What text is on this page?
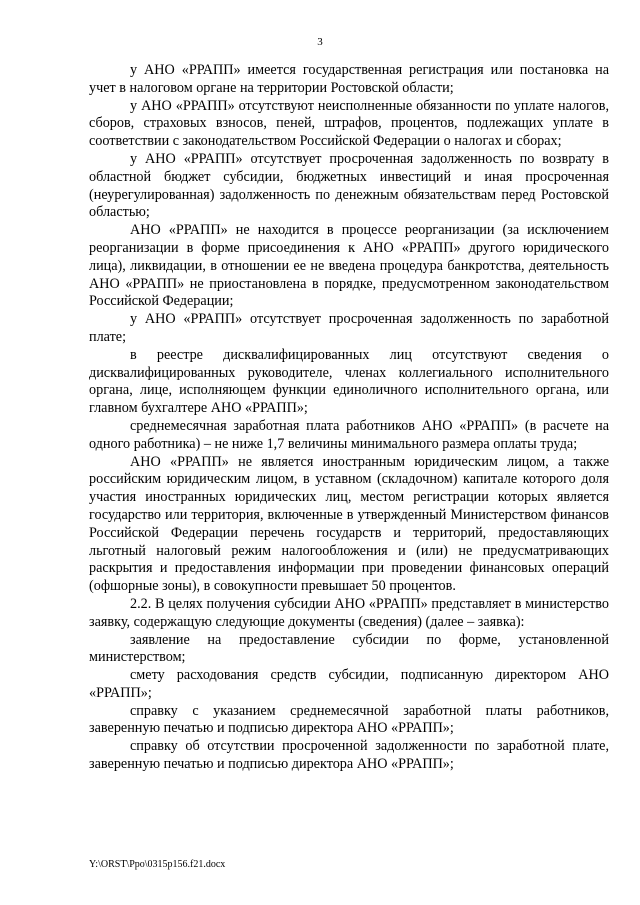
3

у АНО «РРАПП» имеется государственная регистрация или постановка на учет в налоговом органе на территории Ростовской области;

у АНО «РРАПП» отсутствуют неисполненные обязанности по уплате налогов, сборов, страховых взносов, пеней, штрафов, процентов, подлежащих уплате в соответствии с законодательством Российской Федерации о налогах и сборах;

у АНО «РРАПП» отсутствует просроченная задолженность по возврату в областной бюджет субсидии, бюджетных инвестиций и иная просроченная (неурегулированная) задолженность по денежным обязательствам перед Ростовской областью;

АНО «РРАПП» не находится в процессе реорганизации (за исключением реорганизации в форме присоединения к АНО «РРАПП» другого юридического лица), ликвидации, в отношении ее не введена процедура банкротства, деятельность АНО «РРАПП» не приостановлена в порядке, предусмотренном законодательством Российской Федерации;

у АНО «РРАПП» отсутствует просроченная задолженность по заработной плате;

в реестре дисквалифицированных лиц отсутствуют сведения о дисквалифицированных руководителе, членах коллегиального исполнительного органа, лице, исполняющем функции единоличного исполнительного органа, или главном бухгалтере АНО «РРАПП»;

среднемесячная заработная плата работников АНО «РРАПП» (в расчете на одного работника) – не ниже 1,7 величины минимального размера оплаты труда;

АНО «РРАПП» не является иностранным юридическим лицом, а также российским юридическим лицом, в уставном (складочном) капитале которого доля участия иностранных юридических лиц, местом регистрации которых является государство или территория, включенные в утвержденный Министерством финансов Российской Федерации перечень государств и территорий, предоставляющих льготный налоговый режим налогообложения и (или) не предусматривающих раскрытия и предоставления информации при проведении финансовых операций (офшорные зоны), в совокупности превышает 50 процентов.

2.2. В целях получения субсидии АНО «РРАПП» представляет в министерство заявку, содержащую следующие документы (сведения) (далее – заявка):

заявление на предоставление субсидии по форме, установленной министерством;

смету расходования средств субсидии, подписанную директором АНО «РРАПП»;

справку с указанием среднемесячной заработной платы работников, заверенную печатью и подписью директора АНО «РРАПП»;

справку об отсутствии просроченной задолженности по заработной плате, заверенную печатью и подписью директора АНО «РРАПП»;

Y:\ORST\Ppo\0315p156.f21.docx
